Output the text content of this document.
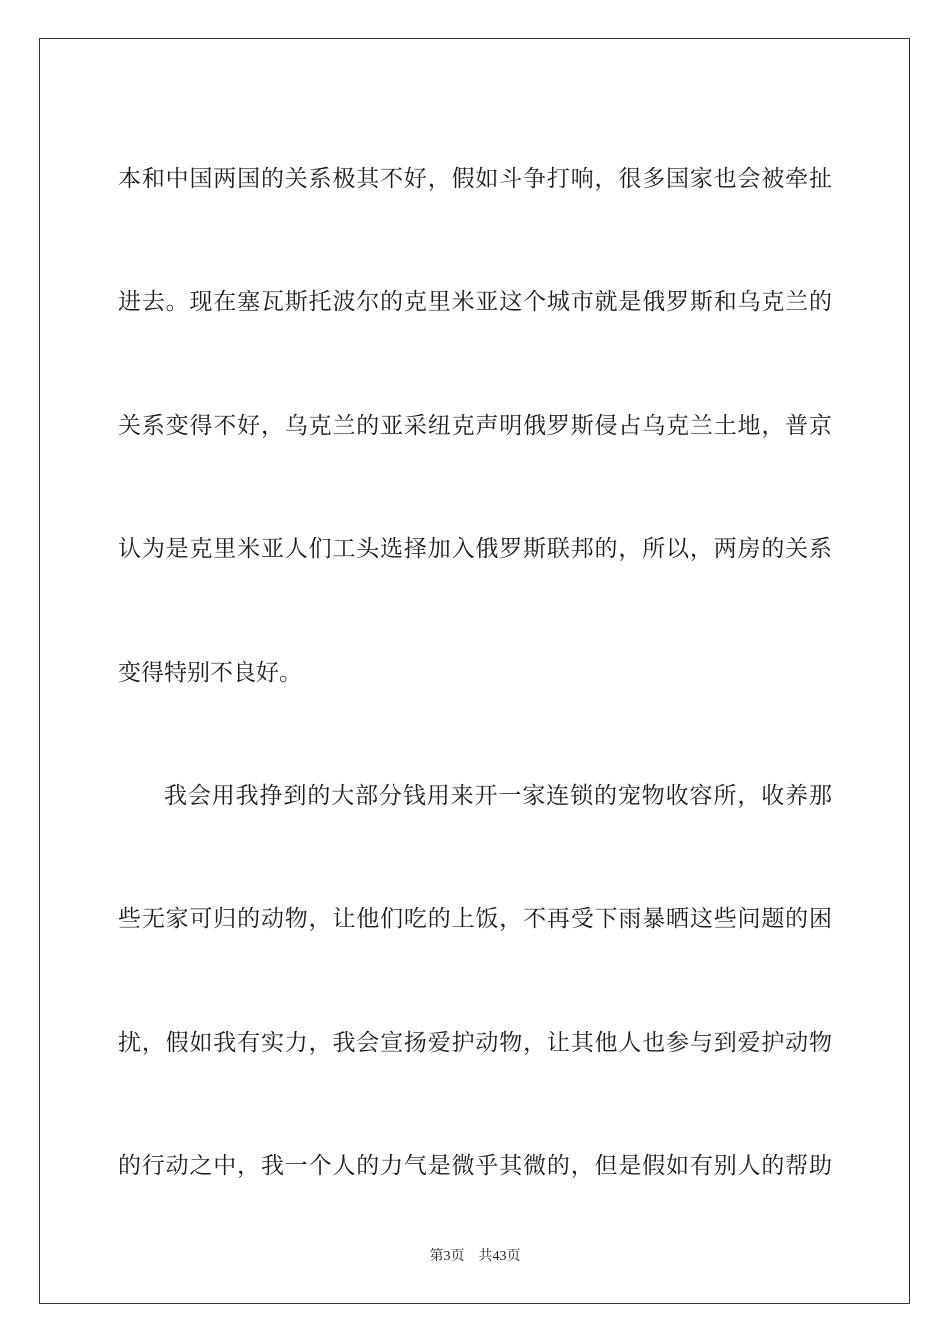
本和中国两国的关系极其不好，假如斗争打响，很多国家也会被牵扯
进去。现在塞瓦斯托波尔的克里米亚这个城市就是俄罗斯和乌克兰的
关系变得不好，乌克兰的亚采纽克声明俄罗斯侵占乌克兰土地，普京
认为是克里米亚人们工头选择加入俄罗斯联邦的，所以，两房的关系
变得特别不良好。
我会用我挣到的大部分钱用来开一家连锁的宠物收容所，收养那
些无家可归的动物，让他们吃的上饭，不再受下雨暴晒这些问题的困
扰，假如我有实力，我会宣扬爱护动物，让其他人也参与到爱护动物
的行动之中，我一个人的力气是微乎其微的，但是假如有别人的帮助
第3页 共43页
